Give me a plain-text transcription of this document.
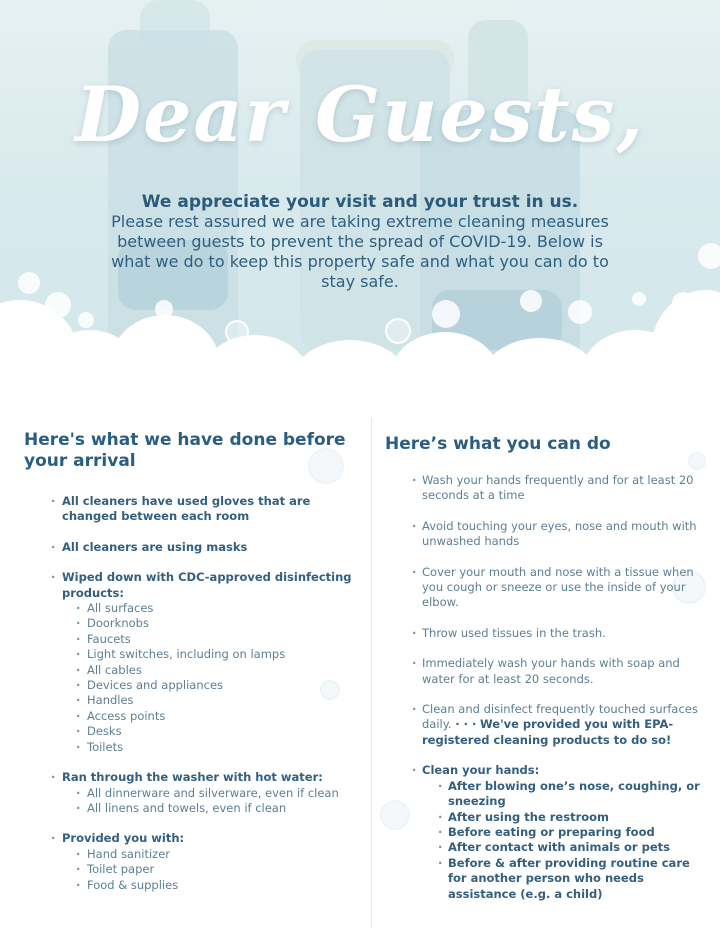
Dear Guests,

We appreciate your visit and your trust in us.
Please rest assured we are taking extreme cleaning measures between guests to prevent the spread of COVID-19. Below is what we do to keep this property safe and what you can do to stay safe.

Here's what we have done before your arrival
· All cleaners have used gloves that are changed between each room
· All cleaners are using masks
· Wiped down with CDC-approved disinfecting products:
· All surfaces
· Doorknobs
· Faucets
· Light switches, including on lamps
· All cables
· Devices and appliances
· Handles
· Access points
· Desks
· Toilets
· Ran through the washer with hot water:
· All dinnerware and silverware, even if clean
· All linens and towels, even if clean
· Provided you with:
· Hand sanitizer
· Toilet paper
· Food & supplies
Here’s what you can do
· Wash your hands frequently and for at least 20 seconds at a time
· Avoid touching your eyes, nose and mouth with unwashed hands
· Cover your mouth and nose with a tissue when you cough or sneeze or use the inside of your elbow.
· Throw used tissues in the trash.
· Immediately wash your hands with soap and water for at least 20 seconds.
· Clean and disinfect frequently touched surfaces daily. · · · We've provided you with EPA-registered cleaning products to do so!
· Clean your hands:
· After blowing one’s nose, coughing, or sneezing
· After using the restroom
· Before eating or preparing food
· After contact with animals or pets
· Before & after providing routine care for another person who needs assistance (e.g. a child)
